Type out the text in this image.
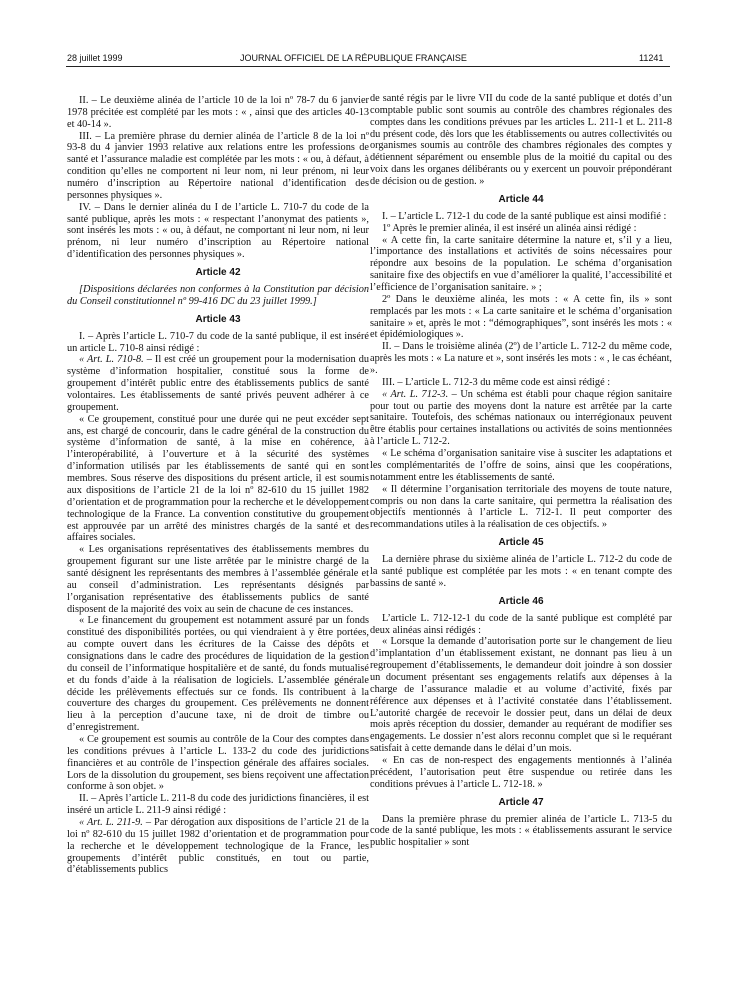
28 juillet 1999	JOURNAL OFFICIEL DE LA RÉPUBLIQUE FRANÇAISE	11241

II. – Le deuxième alinéa de l’article 10 de la loi nº 78-7 du 6 janvier 1978 précitée est complété par les mots : « , ainsi que des articles 40-13 et 40-14 ».

III. – La première phrase du dernier alinéa de l’article 8 de la loi nº 93-8 du 4 janvier 1993 relative aux relations entre les professions de santé et l’assurance maladie est complétée par les mots : « ou, à défaut, à condition qu’elles ne comportent ni leur nom, ni leur prénom, ni leur numéro d’inscription au Répertoire national d’identification des personnes physiques ».

IV. – Dans le dernier alinéa du I de l’article L. 710-7 du code de la santé publique, après les mots : « respectant l’anonymat des patients », sont insérés les mots : « ou, à défaut, ne comportant ni leur nom, ni leur prénom, ni leur numéro d’inscription au Répertoire national d’identification des personnes physiques ».

Article 42

[Dispositions déclarées non conformes à la Constitution par décision du Conseil constitutionnel nº 99-416 DC du 23 juillet 1999.]

Article 43

I. – Après l’article L. 710-7 du code de la santé publique, il est inséré un article L. 710-8 ainsi rédigé :

« Art. L. 710-8. – Il est créé un groupement pour la modernisation du système d’information hospitalier, constitué sous la forme de groupement d’intérêt public entre des établissements publics de santé volontaires. Les établissements de santé privés peuvent adhérer à ce groupement.

« Ce groupement, constitué pour une durée qui ne peut excéder sept ans, est chargé de concourir, dans le cadre général de la construction du système d’information de santé, à la mise en cohérence, à l’interopérabilité, à l’ouverture et à la sécurité des systèmes d’information utilisés par les établissements de santé qui en sont membres. Sous réserve des dispositions du présent article, il est soumis aux dispositions de l’article 21 de la loi nº 82-610 du 15 juillet 1982 d’orientation et de programmation pour la recherche et le développement technologique de la France. La convention constitutive du groupement est approuvée par un arrêté des ministres chargés de la santé et des affaires sociales.

« Les organisations représentatives des établissements membres du groupement figurant sur une liste arrêtée par le ministre chargé de la santé désignent les représentants des membres à l’assemblée générale et au conseil d’administration. Les représentants désignés par l’organisation représentative des établissements publics de santé disposent de la majorité des voix au sein de chacune de ces instances.

« Le financement du groupement est notamment assuré par un fonds constitué des disponibilités portées, ou qui viendraient à y être portées, au compte ouvert dans les écritures de la Caisse des dépôts et consignations dans le cadre des procédures de liquidation de la gestion du conseil de l’informatique hospitalière et de santé, du fonds mutualisé et du fonds d’aide à la réalisation de logiciels. L’assemblée générale décide les prélèvements effectués sur ce fonds. Ils contribuent à la couverture des charges du groupement. Ces prélèvements ne donnent lieu à la perception d’aucune taxe, ni de droit de timbre ou d’enregistrement.

« Ce groupement est soumis au contrôle de la Cour des comptes dans les conditions prévues à l’article L. 133-2 du code des juridictions financières et au contrôle de l’inspection générale des affaires sociales. Lors de la dissolution du groupement, ses biens reçoivent une affectation conforme à son objet. »

II. – Après l’article L. 211-8 du code des juridictions financières, il est inséré un article L. 211-9 ainsi rédigé :

« Art. L. 211-9. – Par dérogation aux dispositions de l’article 21 de la loi nº 82-610 du 15 juillet 1982 d’orientation et de programmation pour la recherche et le développement technologique de la France, les groupements d’intérêt public constitués, en tout ou partie, d’établissements publics

de santé régis par le livre VII du code de la santé publique et dotés d’un comptable public sont soumis au contrôle des chambres régionales des comptes dans les conditions prévues par les articles L. 211-1 et L. 211-8 du présent code, dès lors que les établissements ou autres collectivités ou organismes soumis au contrôle des chambres régionales des comptes y détiennent séparément ou ensemble plus de la moitié du capital ou des voix dans les organes délibérants ou y exercent un pouvoir prépondérant de décision ou de gestion. »

Article 44

I. – L’article L. 712-1 du code de la santé publique est ainsi modifié :

1º Après le premier alinéa, il est inséré un alinéa ainsi rédigé :

« A cette fin, la carte sanitaire détermine la nature et, s’il y a lieu, l’importance des installations et activités de soins nécessaires pour répondre aux besoins de la population. Le schéma d’organisation sanitaire fixe des objectifs en vue d’améliorer la qualité, l’accessibilité et l’efficience de l’organisation sanitaire. » ;

2º Dans le deuxième alinéa, les mots : « A cette fin, ils » sont remplacés par les mots : « La carte sanitaire et le schéma d’organisation sanitaire » et, après le mot : “démographiques”, sont insérés les mots : « et épidémiologiques ».

II. – Dans le troisième alinéa (2º) de l’article L. 712-2 du même code, après les mots : « La nature et », sont insérés les mots : « , le cas échéant, ».

III. – L’article L. 712-3 du même code est ainsi rédigé :

« Art. L. 712-3. – Un schéma est établi pour chaque région sanitaire pour tout ou partie des moyens dont la nature est arrêtée par la carte sanitaire. Toutefois, des schémas nationaux ou interrégionaux peuvent être établis pour certaines installations ou activités de soins mentionnées à l’article L. 712-2.

« Le schéma d’organisation sanitaire vise à susciter les adaptations et les complémentarités de l’offre de soins, ainsi que les coopérations, notamment entre les établissements de santé.

« Il détermine l’organisation territoriale des moyens de toute nature, compris ou non dans la carte sanitaire, qui permettra la réalisation des objectifs mentionnés à l’article L. 712-1. Il peut comporter des recommandations utiles à la réalisation de ces objectifs. »

Article 45

La dernière phrase du sixième alinéa de l’article L. 712-2 du code de la santé publique est complétée par les mots : « en tenant compte des bassins de santé ».

Article 46

L’article L. 712-12-1 du code de la santé publique est complété par deux alinéas ainsi rédigés :

« Lorsque la demande d’autorisation porte sur le changement de lieu d’implantation d’un établissement existant, ne donnant pas lieu à un regroupement d’établissements, le demandeur doit joindre à son dossier un document présentant ses engagements relatifs aux dépenses à la charge de l’assurance maladie et au volume d’activité, fixés par référence aux dépenses et à l’activité constatée dans l’établissement. L’autorité chargée de recevoir le dossier peut, dans un délai de deux mois après réception du dossier, demander au requérant de modifier ses engagements. Le dossier n’est alors reconnu complet que si le requérant satisfait à cette demande dans le délai d’un mois.

« En cas de non-respect des engagements mentionnés à l’alinéa précédent, l’autorisation peut être suspendue ou retirée dans les conditions prévues à l’article L. 712-18. »

Article 47

Dans la première phrase du premier alinéa de l’article L. 713-5 du code de la santé publique, les mots : « établissements assurant le service public hospitalier » sont
